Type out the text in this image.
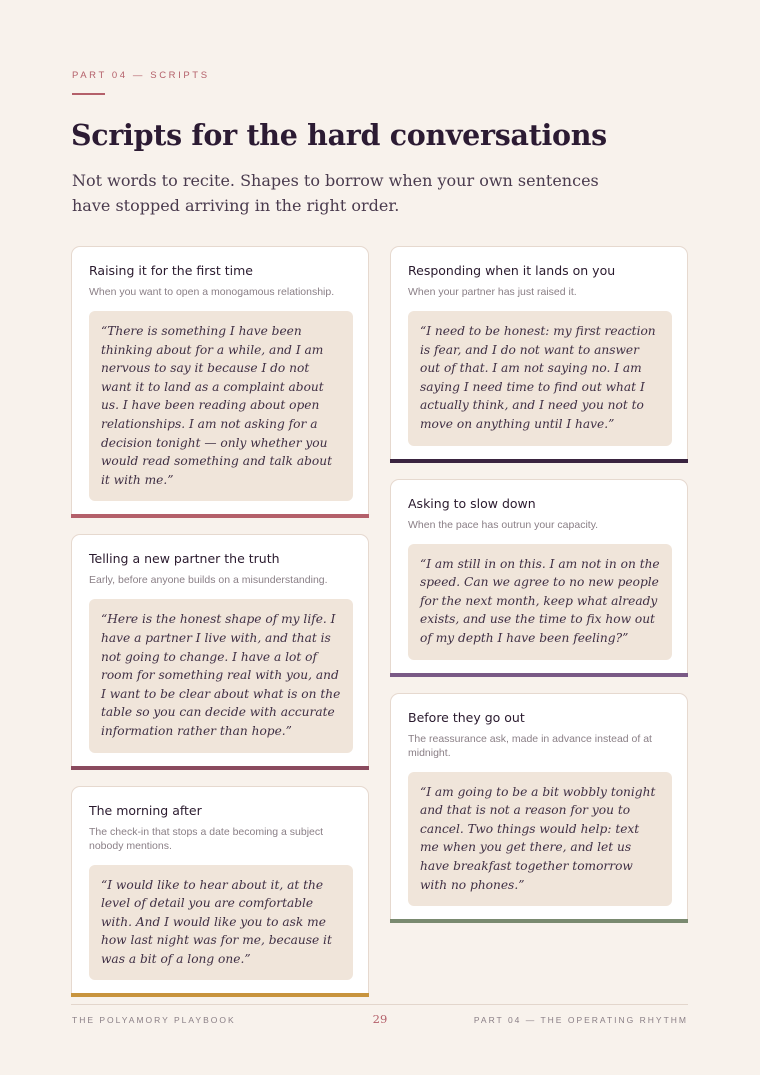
PART 04 — SCRIPTS
Scripts for the hard conversations

Not words to recite. Shapes to borrow when your own sentences have stopped arriving in the right order.

Raising it for the first time
When you want to open a monogamous relationship.
“There is something I have been thinking about for a while, and I am nervous to say it because I do not want it to land as a complaint about us. I have been reading about open relationships. I am not asking for a decision tonight — only whether you would read something and talk about it with me.”
Telling a new partner the truth
Early, before anyone builds on a misunderstanding.
“Here is the honest shape of my life. I have a partner I live with, and that is not going to change. I have a lot of room for something real with you, and I want to be clear about what is on the table so you can decide with accurate information rather than hope.”
The morning after
The check-in that stops a date becoming a subject nobody mentions.
“I would like to hear about it, at the level of detail you are comfortable with. And I would like you to ask me how last night was for me, because it was a bit of a long one.”
Responding when it lands on you
When your partner has just raised it.
“I need to be honest: my first reaction is fear, and I do not want to answer out of that. I am not saying no. I am saying I need time to find out what I actually think, and I need you not to move on anything until I have.”
Asking to slow down
When the pace has outrun your capacity.
“I am still in on this. I am not in on the speed. Can we agree to no new people for the next month, keep what already exists, and use the time to fix how out of my depth I have been feeling?”
Before they go out
The reassurance ask, made in advance instead of at midnight.
“I am going to be a bit wobbly tonight and that is not a reason for you to cancel. Two things would help: text me when you get there, and let us have breakfast together tomorrow with no phones.”
THE POLYAMORY PLAYBOOK	29	PART 04 — THE OPERATING RHYTHM
